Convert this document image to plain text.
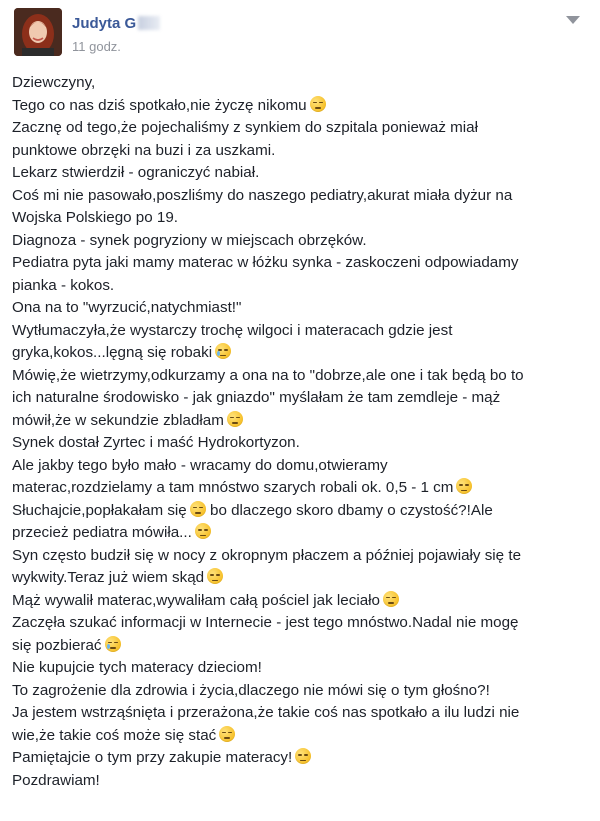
Judyta G
11 godz.
Dziewczyny,
Tego co nas dziś spotkało,nie życzę nikomu
Zacznę od tego,że pojechaliśmy z synkiem do szpitala ponieważ miał
punktowe obrzęki na buzi i za uszkami.
Lekarz stwierdził - ograniczyć nabiał.
Coś mi nie pasowało,poszliśmy do naszego pediatry,akurat miała dyżur na
Wojska Polskiego po 19.
Diagnoza - synek pogryziony w miejscach obrzęków.
Pediatra pyta jaki mamy materac w łóżku synka - zaskoczeni odpowiadamy
pianka - kokos.
Ona na to "wyrzucić,natychmiast!"
Wytłumaczyła,że wystarczy trochę wilgoci i materacach gdzie jest
gryka,kokos...lęgną się robaki
Mówię,że wietrzymy,odkurzamy a ona na to "dobrze,ale one i tak będą bo to
ich naturalne środowisko - jak gniazdo" myślałam że tam zemdleje - mąż
mówił,że w sekundzie zbladłam
Synek dostał Zyrtec i maść Hydrokortyzon.
Ale jakby tego było mało - wracamy do domu,otwieramy
materac,rozdzielamy a tam mnóstwo szarych robali ok. 0,5 - 1 cm
Słuchajcie,popłakałam się bo dlaczego skoro dbamy o czystość?!Ale
przecież pediatra mówiła...
Syn często budził się w nocy z okropnym płaczem a później pojawiały się te
wykwity.Teraz już wiem skąd
Mąż wywalił materac,wywaliłam całą pościel jak leciało
Zaczęła szukać informacji w Internecie - jest tego mnóstwo.Nadal nie mogę
się pozbierać
Nie kupujcie tych materacy dzieciom!
To zagrożenie dla zdrowia i życia,dlaczego nie mówi się o tym głośno?!
Ja jestem wstrząśnięta i przerażona,że takie coś nas spotkało a ilu ludzi nie
wie,że takie coś może się stać
Pamiętajcie o tym przy zakupie materacy!
Pozdrawiam!
